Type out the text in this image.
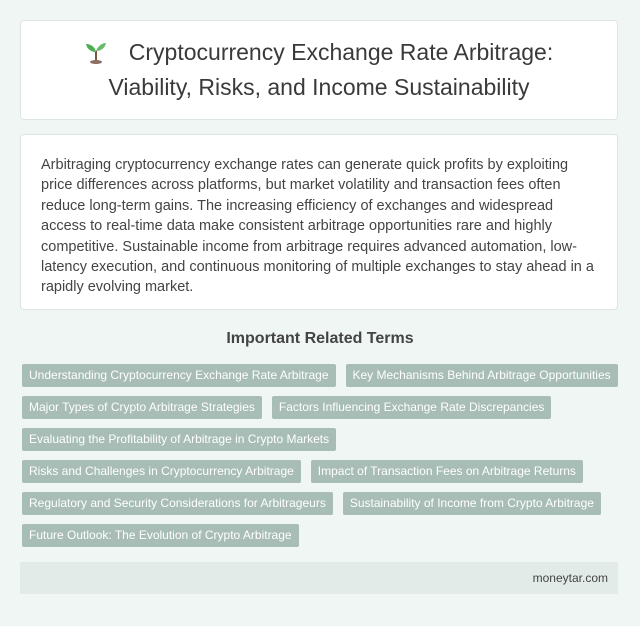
Cryptocurrency Exchange Rate Arbitrage: Viability, Risks, and Income Sustainability

Arbitraging cryptocurrency exchange rates can generate quick profits by exploiting price differences across platforms, but market volatility and transaction fees often reduce long-term gains. The increasing efficiency of exchanges and widespread access to real-time data make consistent arbitrage opportunities rare and highly competitive. Sustainable income from arbitrage requires advanced automation, low-latency execution, and continuous monitoring of multiple exchanges to stay ahead in a rapidly evolving market.

Important Related Terms
Understanding Cryptocurrency Exchange Rate Arbitrage	Key Mechanisms Behind Arbitrage Opportunities
Major Types of Crypto Arbitrage Strategies	Factors Influencing Exchange Rate Discrepancies
Evaluating the Profitability of Arbitrage in Crypto Markets
Risks and Challenges in Cryptocurrency Arbitrage	Impact of Transaction Fees on Arbitrage Returns
Regulatory and Security Considerations for Arbitrageurs	Sustainability of Income from Crypto Arbitrage
Future Outlook: The Evolution of Crypto Arbitrage
moneytar.com
